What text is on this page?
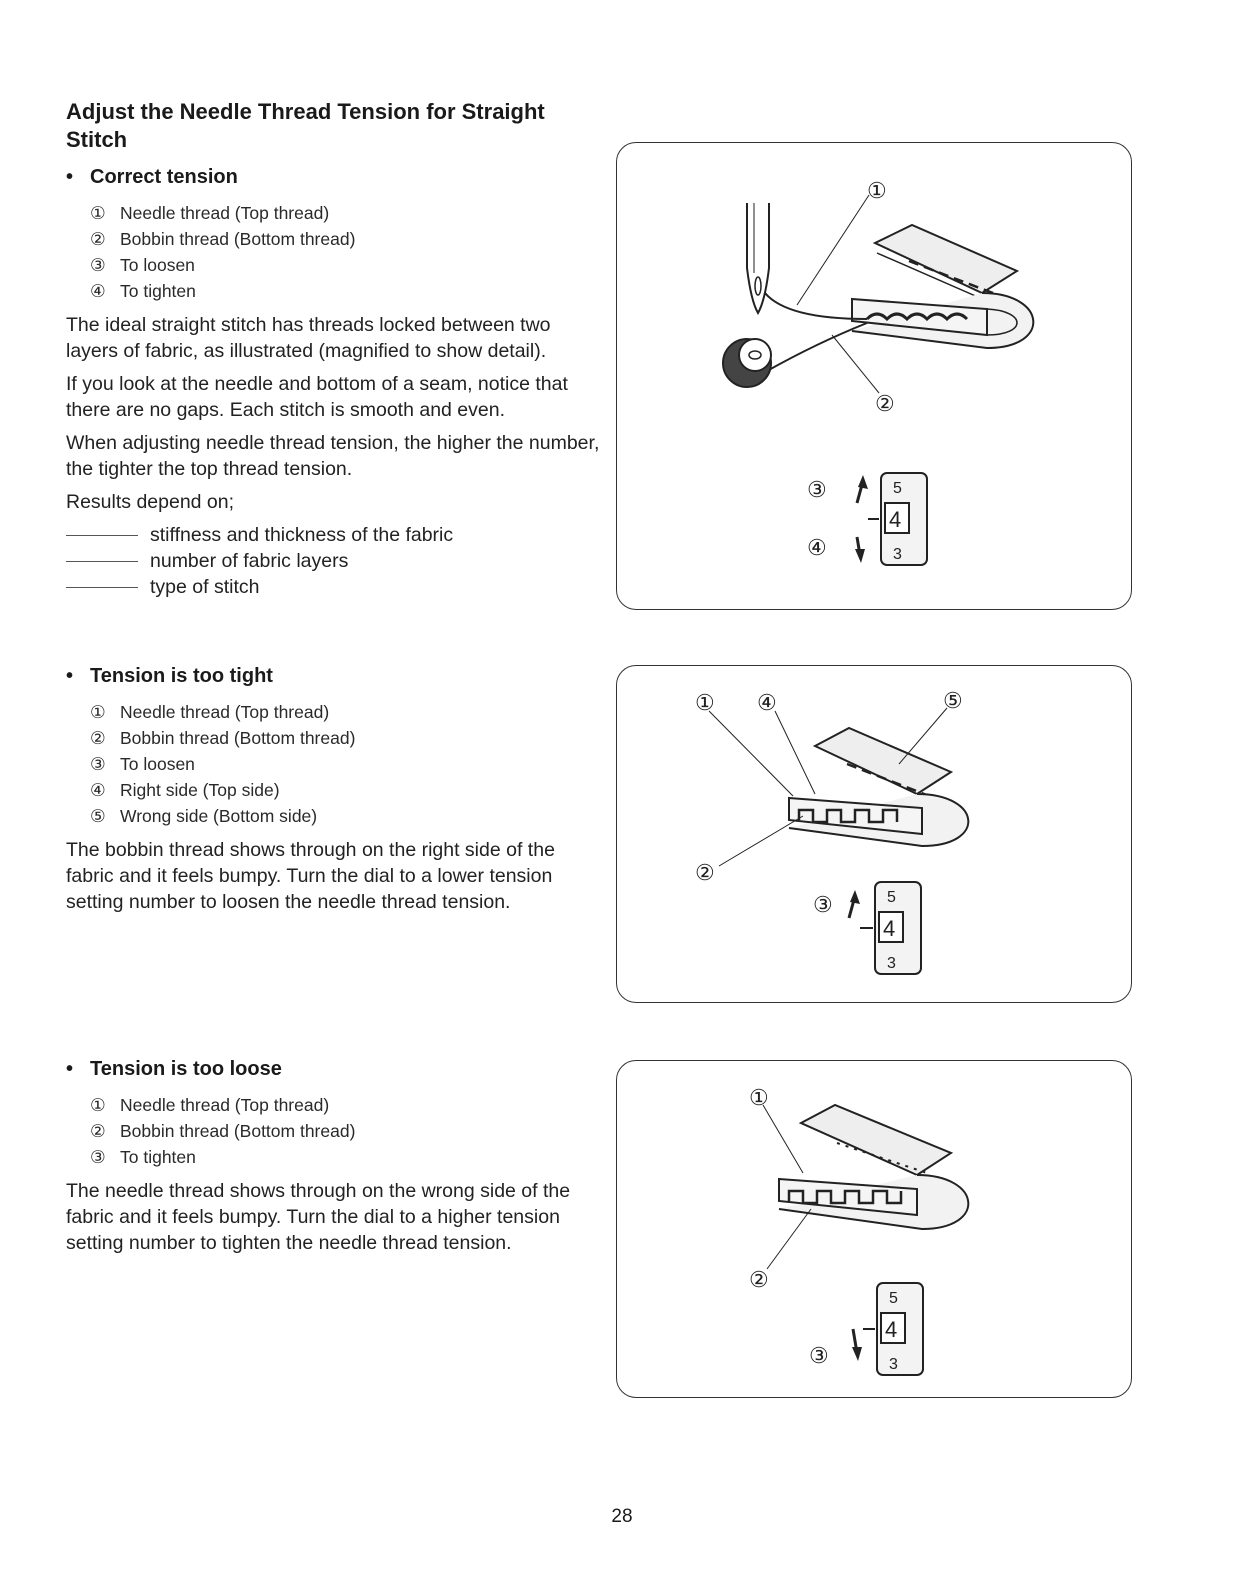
Adjust the Needle Thread Tension for Straight Stitch
• Correct tension
① Needle thread (Top thread)
② Bobbin thread (Bottom thread)
③ To loosen
④ To tighten

The ideal straight stitch has threads locked between two layers of fabric, as illustrated (magnified to show detail).

If you look at the needle and bottom of a seam, notice that there are no gaps. Each stitch is smooth and even.

When adjusting needle thread tension, the higher the number, the tighter the top thread tension.

Results depend on;

stiffness and thickness of the fabric
number of fabric layers
type of stitch
• Tension is too tight
① Needle thread (Top thread)
② Bobbin thread (Bottom thread)
③ To loosen
④ Right side (Top side)
⑤ Wrong side (Bottom side)

The bobbin thread shows through on the right side of the fabric and it feels bumpy. Turn the dial to a lower tension setting number to loosen the needle thread tension.

• Tension is too loose
① Needle thread (Top thread)
② Bobbin thread (Bottom thread)
③ To tighten

The needle thread shows through on the wrong side of the fabric and it feels bumpy. Turn the dial to a higher tension setting number to tighten the needle thread tension.

①
②
③
④
5
4
3
① ④	⑤
②
③	5
4
3
①
②
③
5
4
3
28
